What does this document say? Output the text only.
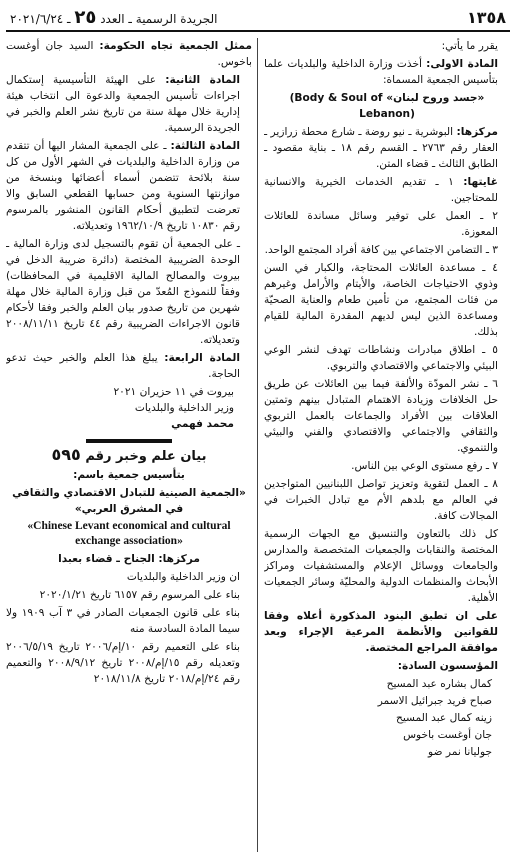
١٣٥٨
الجريدة الرسمية ـ العدد ٢٥ ـ ٢٠٢١/٦/٢٤

يقرر ما يأتي:

المادة الاولى: أخذت وزارة الداخلية والبلديات علما بتأسيس الجمعية المسماة:

«جسد وروح لبنان» (Body & Soul of Lebanon)

مركزها: البوشرية ـ نيو روضة ـ شارع محطة زرازير ـ العقار رقم ٢٧٦٣ ـ القسم رقم ١٨ ـ بناية مقصود ـ الطابق الثالث ـ قضاء المتن.

غايتها: ١ ـ تقديم الخدمات الخيرية والانسانية للمحتاجين.

٢ ـ العمل على توفير وسائل مساندة للعائلات المعوزة.

٣ ـ التضامن الاجتماعي بين كافة أفراد المجتمع الواحد.

٤ ـ مساعدة العائلات المحتاجة، والكبار في السن وذوي الاحتياجات الخاصة، والأيتام والأرامل وغيرهم من فئات المجتمع، من تأمين طعام والعناية الصحيّة ومساعدة الذين ليس لديهم المقدرة المالية للقيام بذلك.

٥ ـ اطلاق مبادرات ونشاطات تهدف لنشر الوعي البيئي والاجتماعي والاقتصادي والتربوي.

٦ ـ نشر المودّة والألفة فيما بين العائلات عن طريق حل الخلافات وزيادة الاهتمام المتبادل بينهم وتمتين العلاقات بين الأفراد والجماعات بالعمل التربوي والثقافي والاجتماعي والاقتصادي والفني والبيئي والتنموي.

٧ ـ رفع مستوى الوعي بين الناس.

٨ ـ العمل لتقوية وتعزيز تواصل اللبنانيين المتواجدين في العالم مع بلدهم الأم مع تبادل الخبرات في المجالات كافة.

كل ذلك بالتعاون والتنسيق مع الجهات الرسمية المختصة والنقابات والجمعيات المتخصصة والمدارس والجامعات ووسائل الإعلام والمستشفيات ومراكز الأبحاث والمنظمات الدولية والمحليّة وسائر الجمعيات الأهلية.

على ان تطبق البنود المذكورة أعلاه وفقا للقوانين والأنظمة المرعية الإجراء وبعد موافقة المراجع المختصة.

المؤسسون السادة:

كمال بشاره عبد المسيح

صباح فريد جبرائيل الاسمر

زينه كمال عبد المسيح

جان أوغست باخوس

جوليانا نمر ضو

ممثل الجمعية تجاه الحكومة: السيد جان أوغست باخوس.

المادة الثانية: على الهيئة التأسيسية إستكمال اجراءات تأسيس الجمعية والدعوة الى انتخاب هيئة إدارية خلال مهلة سنة من تاريخ نشر العلم والخبر في الجريدة الرسمية.

المادة الثالثة: ـ على الجمعية المشار اليها أن تتقدم من وزارة الداخلية والبلديات في الشهر الأول من كل سنة بلائحة تتضمن أسماء أعضائها وبنسخة من موازنتها السنوية ومن حسابها القطعي السابق والا تعرضت لتطبيق أحكام القانون المنشور بالمرسوم رقم ١٠٨٣٠ تاريخ ١٩٦٢/١٠/٩ وتعديلاته.

ـ على الجمعية أن تقوم بالتسجيل لدى وزارة المالية ـ الوحدة الضريبية المختصة (دائرة ضريبة الدخل في بيروت والمصالح المالية الاقليمية في المحافظات) وفقاً للنموذج المُعدّ من قبل وزارة المالية خلال مهلة شهرين من تاريخ صدور بيان العلم والخبر وفقا لأحكام قانون الاجراءات الضريبية رقم ٤٤ تاريخ ٢٠٠٨/١١/١١ وتعديلاته.

المادة الرابعة: يبلغ هذا العلم والخبر حيث تدعو الحاجة.

بيروت في ١١ حزيران ٢٠٢١

وزير الداخلية والبلديات

محمد فهمي

بيان علم وخبر رقم ٥٩٥

بتأسيس جمعية باسم:

«الجمعية الصينية للتبادل الاقتصادي والثقافي في المشرق العربي»

«Chinese Levant economical and cultural exchange association»

مركزها: الجناح ـ قضاء بعبدا

ان وزير الداخلية والبلديات

بناء على المرسوم رقم ٦١٥٧ تاريخ ٢٠٢٠/١/٢١

بناء على قانون الجمعيات الصادر في ٣ آب ١٩٠٩ ولا سيما المادة السادسة منه

بناء على التعميم رقم ١٠/إم/٢٠٠٦ تاريخ ٢٠٠٦/٥/١٩ وتعديله رقم ١٥/إم/٢٠٠٨ تاريخ ٢٠٠٨/٩/١٢ والتعميم رقم ٢٤/إم/٢٠١٨ تاريخ ٢٠١٨/١١/٨
